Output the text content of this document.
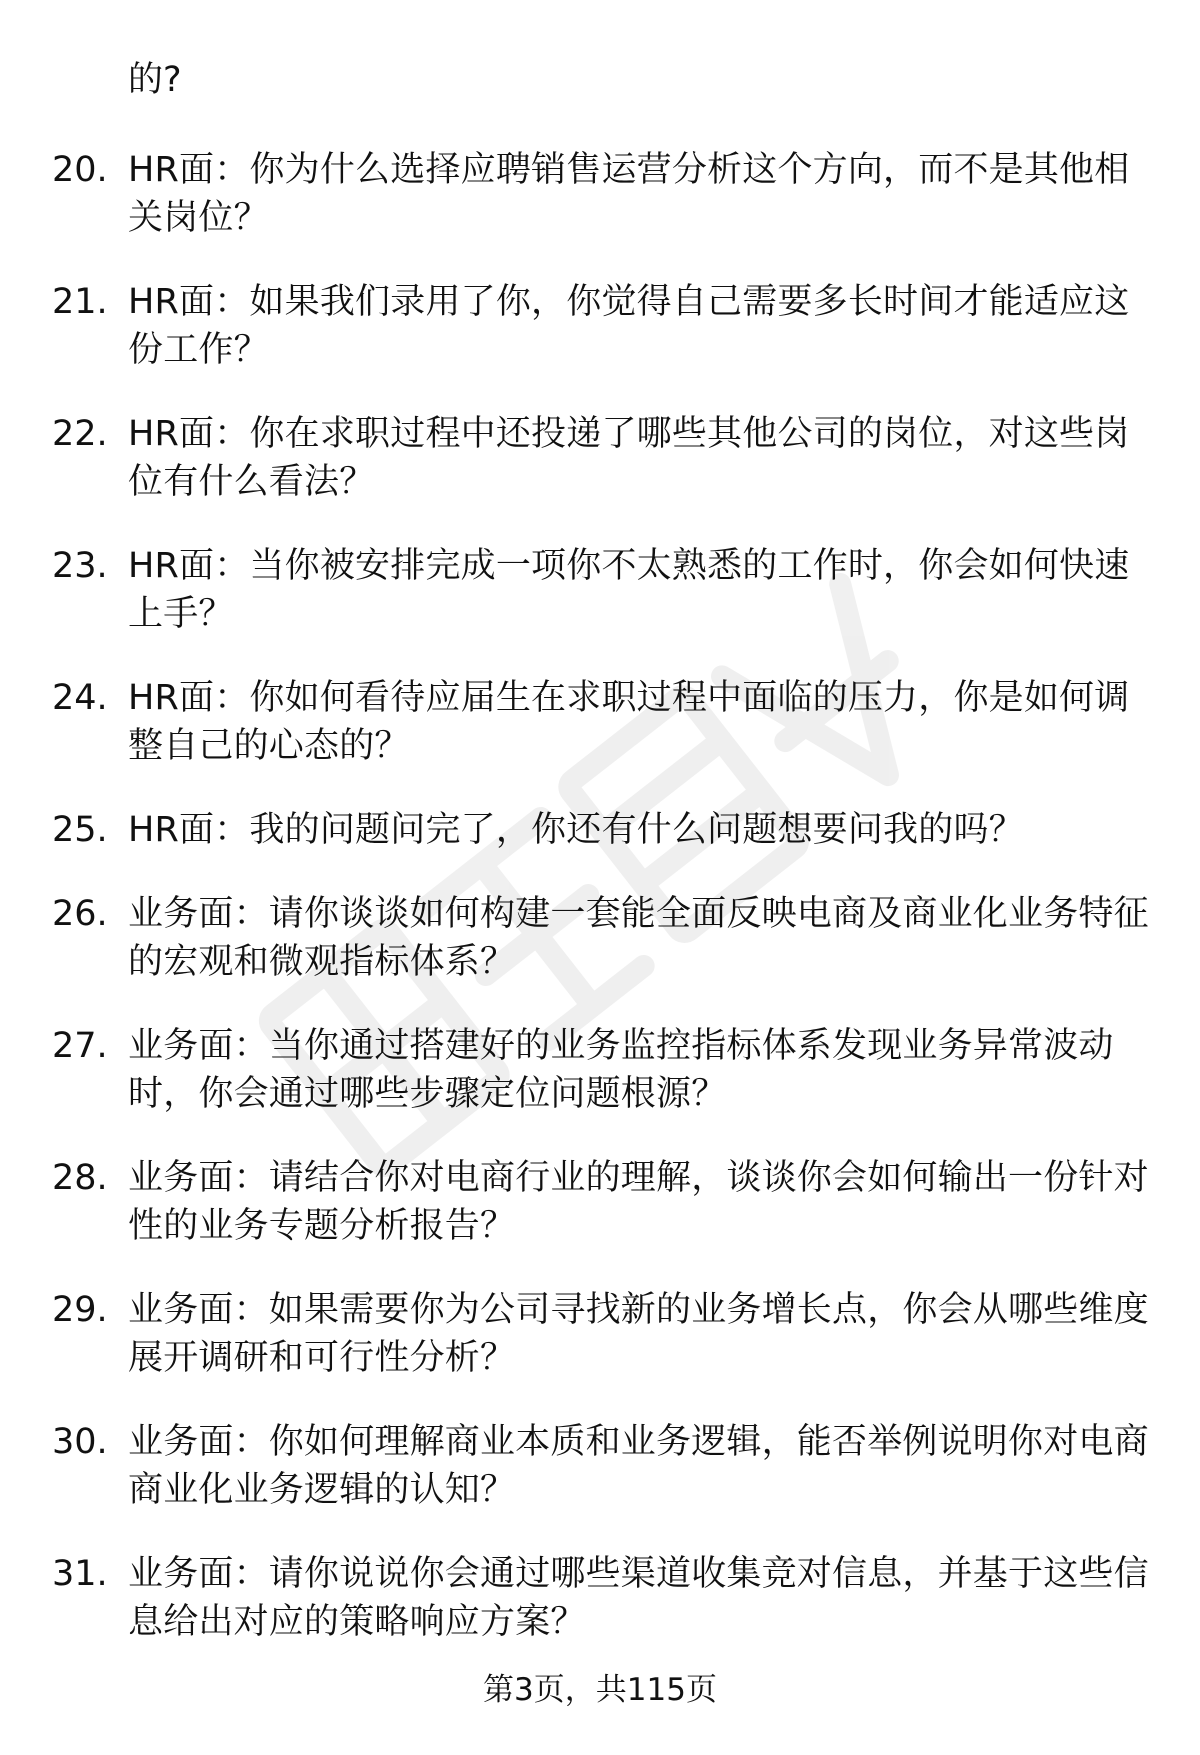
的?
20. HR面：你为什么选择应聘销售运营分析这个方向，而不是其他相关岗位？
21. HR面：如果我们录用了你，你觉得自己需要多长时间才能适应这份工作？
22. HR面：你在求职过程中还投递了哪些其他公司的岗位，对这些岗位有什么看法？
23. HR面：当你被安排完成一项你不太熟悉的工作时，你会如何快速上手？
24. HR面：你如何看待应届生在求职过程中面临的压力，你是如何调整自己的心态的？
25. HR面：我的问题问完了，你还有什么问题想要问我的吗？
26. 业务面：请你谈谈如何构建一套能全面反映电商及商业化业务特征的宏观和微观指标体系？
27. 业务面：当你通过搭建好的业务监控指标体系发现业务异常波动时，你会通过哪些步骤定位问题根源？
28. 业务面：请结合你对电商行业的理解，谈谈你会如何输出一份针对性的业务专题分析报告？
29. 业务面：如果需要你为公司寻找新的业务增长点，你会从哪些维度展开调研和可行性分析？
30. 业务面：你如何理解商业本质和业务逻辑，能否举例说明你对电商商业化业务逻辑的认知？
31. 业务面：请你说说你会通过哪些渠道收集竞对信息，并基于这些信息给出对应的策略响应方案？
第3页，共115页
